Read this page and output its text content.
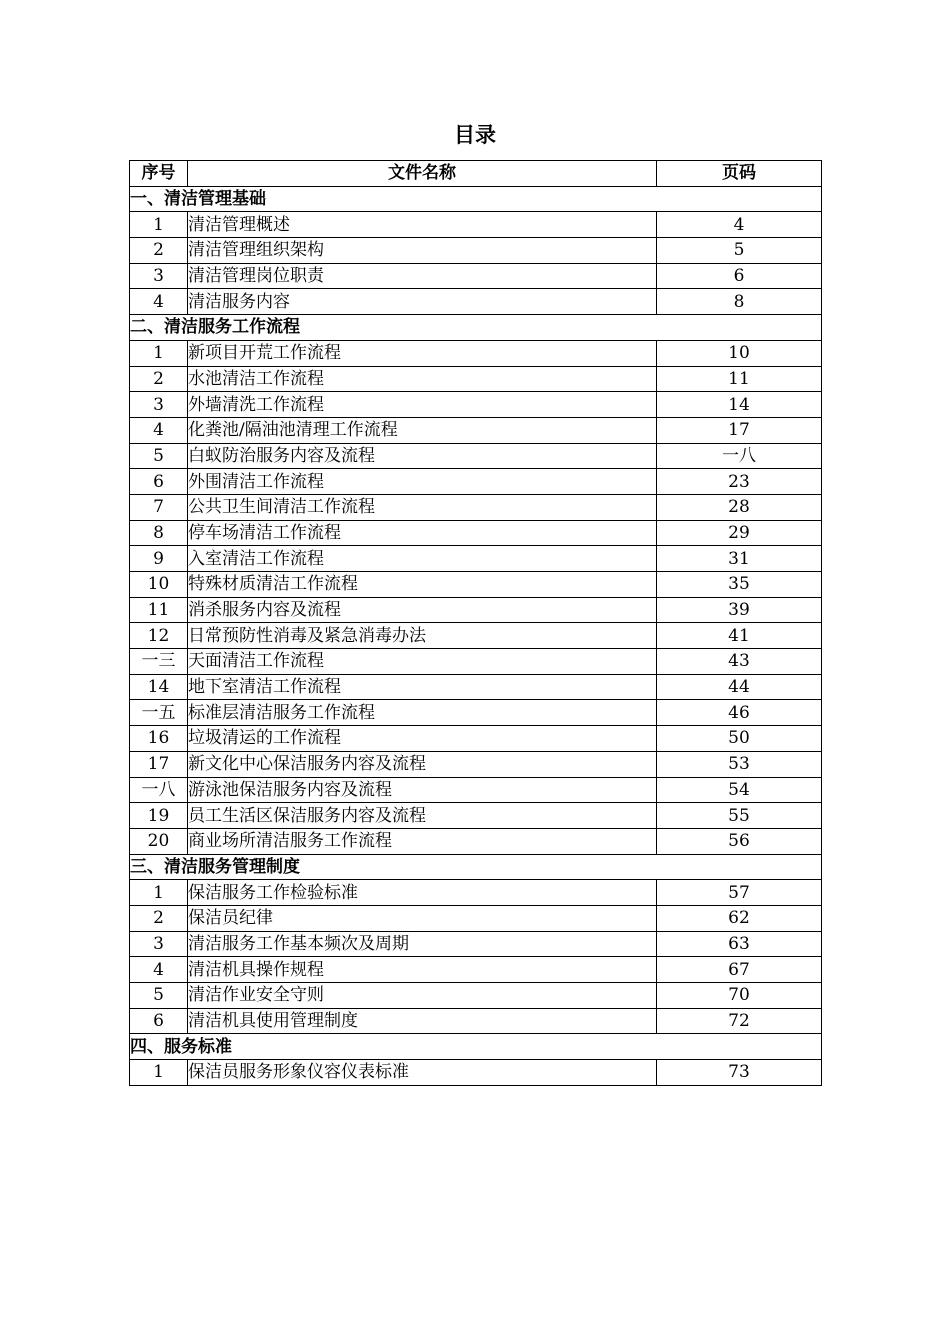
目录
序号	文件名称	页码
一、清洁管理基础		
1	清洁管理概述	4
2	清洁管理组织架构	5
3	清洁管理岗位职责	6
4	清洁服务内容	8
二、清洁服务工作流程		
1	新项目开荒工作流程	10
2	水池清洁工作流程	11
3	外墙清洗工作流程	14
4	化粪池/隔油池清理工作流程	17
5	白蚁防治服务内容及流程	一八
6	外围清洁工作流程	23
7	公共卫生间清洁工作流程	28
8	停车场清洁工作流程	29
9	入室清洁工作流程	31
10	特殊材质清洁工作流程	35
11	消杀服务内容及流程	39
12	日常预防性消毒及紧急消毒办法	41
一三	天面清洁工作流程	43
14	地下室清洁工作流程	44
一五	标准层清洁服务工作流程	46
16	垃圾清运的工作流程	50
17	新文化中心保洁服务内容及流程	53
一八	游泳池保洁服务内容及流程	54
19	员工生活区保洁服务内容及流程	55
20	商业场所清洁服务工作流程	56
三、清洁服务管理制度		
1	保洁服务工作检验标准	57
2	保洁员纪律	62
3	清洁服务工作基本频次及周期	63
4	清洁机具操作规程	67
5	清洁作业安全守则	70
6	清洁机具使用管理制度	72
四、服务标准		
1	保洁员服务形象仪容仪表标准	73
